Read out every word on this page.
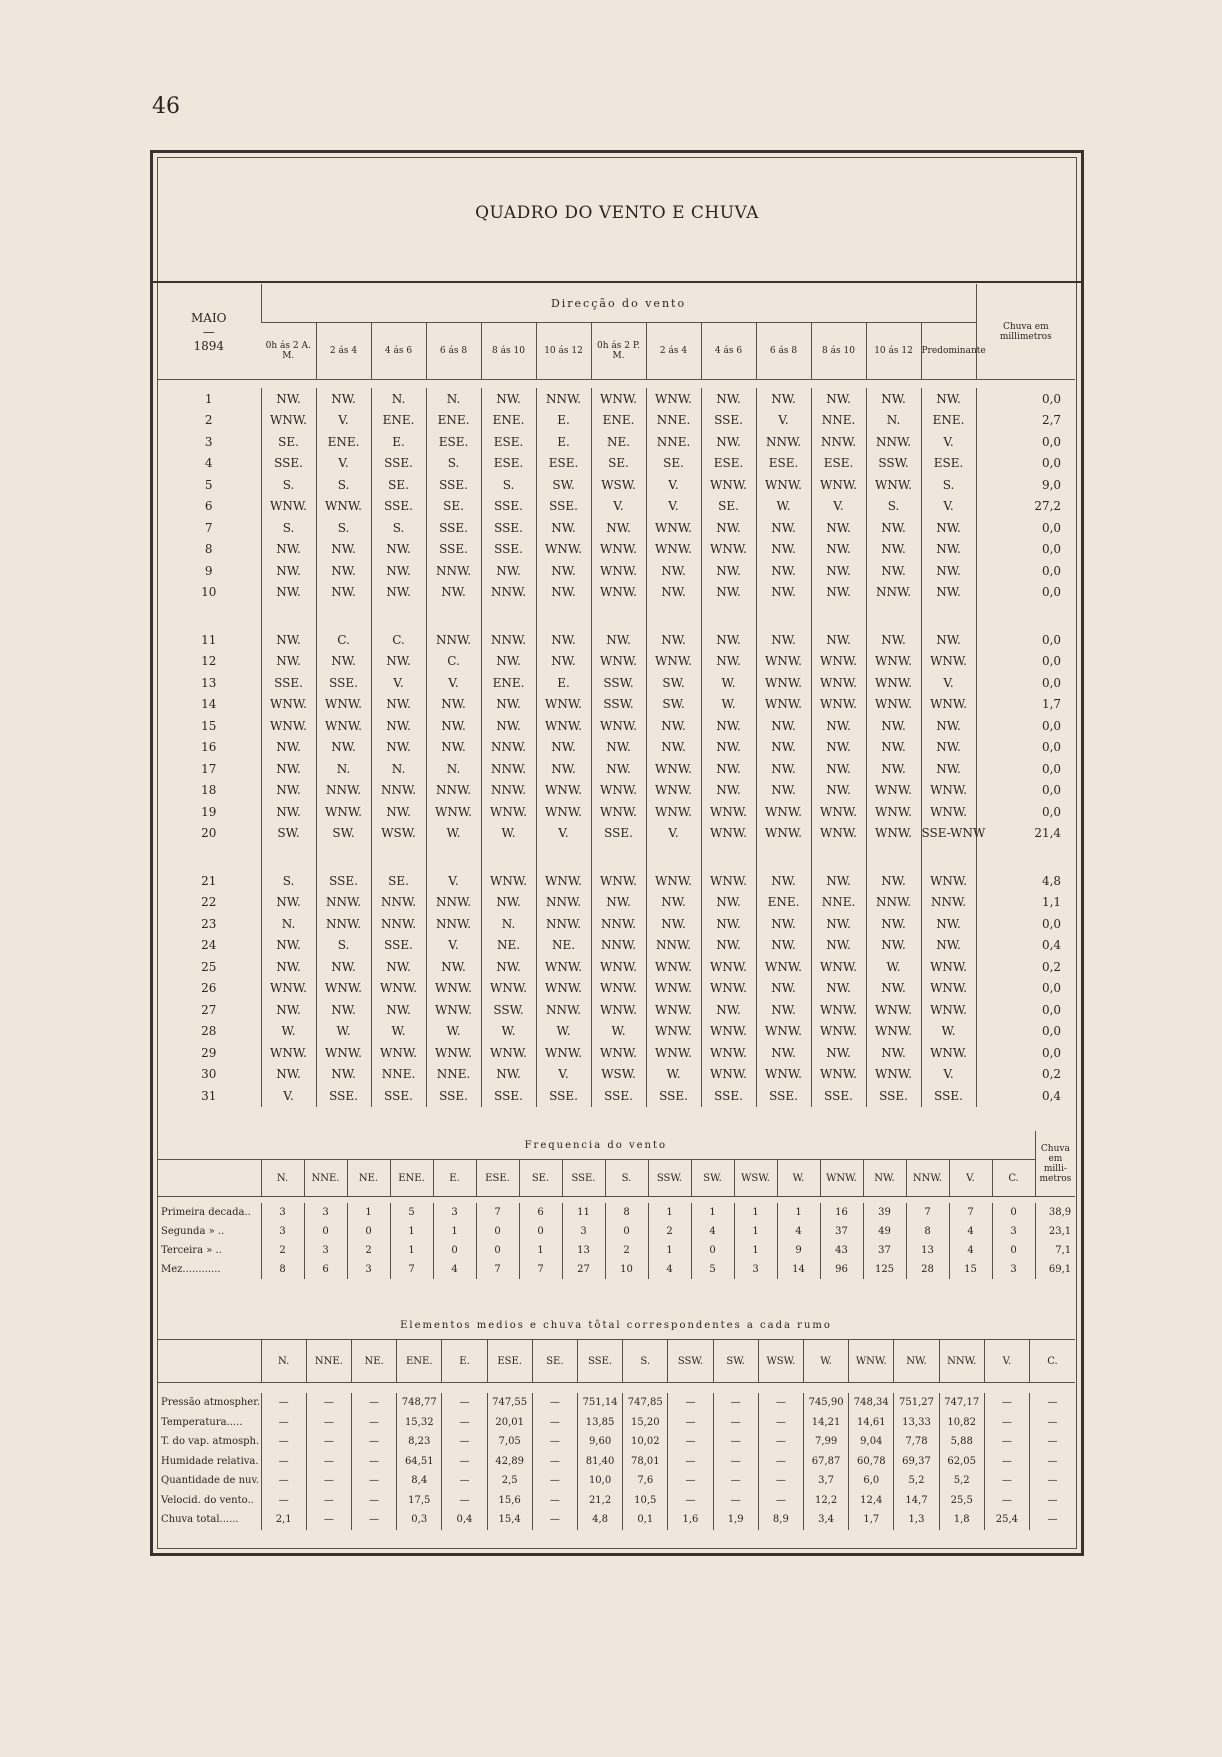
46
QUADRO DO VENTO E CHUVA
MAIO
—
1894	Direcção do vento													Chuva em millimetros
	0h ás 2 A. M.	2 ás 4	4 ás 6	6 ás 8	8 ás 10	10 ás 12	0h ás 2 P. M.	2 ás 4	4 ás 6	6 ás 8	8 ás 10	10 ás 12	Predominante	

1	NW.	NW.	N.	N.	NW.	NNW.	WNW.	WNW.	NW.	NW.	NW.	NW.	NW.	0,0
2	WNW.	V.	ENE.	ENE.	ENE.	E.	ENE.	NNE.	SSE.	V.	NNE.	N.	ENE.	2,7
3	SE.	ENE.	E.	ESE.	ESE.	E.	NE.	NNE.	NW.	NNW.	NNW.	NNW.	V.	0,0
4	SSE.	V.	SSE.	S.	ESE.	ESE.	SE.	SE.	ESE.	ESE.	ESE.	SSW.	ESE.	0,0
5	S.	S.	SE.	SSE.	S.	SW.	WSW.	V.	WNW.	WNW.	WNW.	WNW.	S.	9,0
6	WNW.	WNW.	SSE.	SE.	SSE.	SSE.	V.	V.	SE.	W.	V.	S.	V.	27,2
7	S.	S.	S.	SSE.	SSE.	NW.	NW.	WNW.	NW.	NW.	NW.	NW.	NW.	0,0
8	NW.	NW.	NW.	SSE.	SSE.	WNW.	WNW.	WNW.	WNW.	NW.	NW.	NW.	NW.	0,0
9	NW.	NW.	NW.	NNW.	NW.	NW.	WNW.	NW.	NW.	NW.	NW.	NW.	NW.	0,0
10	NW.	NW.	NW.	NW.	NNW.	NW.	WNW.	NW.	NW.	NW.	NW.	NNW.	NW.	0,0

11	NW.	C.	C.	NNW.	NNW.	NW.	NW.	NW.	NW.	NW.	NW.	NW.	NW.	0,0
12	NW.	NW.	NW.	C.	NW.	NW.	WNW.	WNW.	NW.	WNW.	WNW.	WNW.	WNW.	0,0
13	SSE.	SSE.	V.	V.	ENE.	E.	SSW.	SW.	W.	WNW.	WNW.	WNW.	V.	0,0
14	WNW.	WNW.	NW.	NW.	NW.	WNW.	SSW.	SW.	W.	WNW.	WNW.	WNW.	WNW.	1,7
15	WNW.	WNW.	NW.	NW.	NW.	WNW.	WNW.	NW.	NW.	NW.	NW.	NW.	NW.	0,0
16	NW.	NW.	NW.	NW.	NNW.	NW.	NW.	NW.	NW.	NW.	NW.	NW.	NW.	0,0
17	NW.	N.	N.	N.	NNW.	NW.	NW.	WNW.	NW.	NW.	NW.	NW.	NW.	0,0
18	NW.	NNW.	NNW.	NNW.	NNW.	WNW.	WNW.	WNW.	NW.	NW.	NW.	WNW.	WNW.	0,0
19	NW.	WNW.	NW.	WNW.	WNW.	WNW.	WNW.	WNW.	WNW.	WNW.	WNW.	WNW.	WNW.	0,0
20	SW.	SW.	WSW.	W.	W.	V.	SSE.	V.	WNW.	WNW.	WNW.	WNW.	SSE-WNW	21,4

21	S.	SSE.	SE.	V.	WNW.	WNW.	WNW.	WNW.	WNW.	NW.	NW.	NW.	WNW.	4,8
22	NW.	NNW.	NNW.	NNW.	NW.	NNW.	NW.	NW.	NW.	ENE.	NNE.	NNW.	NNW.	1,1
23	N.	NNW.	NNW.	NNW.	N.	NNW.	NNW.	NW.	NW.	NW.	NW.	NW.	NW.	0,0
24	NW.	S.	SSE.	V.	NE.	NE.	NNW.	NNW.	NW.	NW.	NW.	NW.	NW.	0,4
25	NW.	NW.	NW.	NW.	NW.	WNW.	WNW.	WNW.	WNW.	WNW.	WNW.	W.	WNW.	0,2
26	WNW.	WNW.	WNW.	WNW.	WNW.	WNW.	WNW.	WNW.	WNW.	NW.	NW.	NW.	WNW.	0,0
27	NW.	NW.	NW.	WNW.	SSW.	NNW.	WNW.	WNW.	NW.	NW.	WNW.	WNW.	WNW.	0,0
28	W.	W.	W.	W.	W.	W.	W.	WNW.	WNW.	WNW.	WNW.	WNW.	W.	0,0
29	WNW.	WNW.	WNW.	WNW.	WNW.	WNW.	WNW.	WNW.	WNW.	NW.	NW.	NW.	WNW.	0,0
30	NW.	NW.	NNE.	NNE.	NW.	V.	WSW.	W.	WNW.	WNW.	WNW.	WNW.	V.	0,2
31	V.	SSE.	SSE.	SSE.	SSE.	SSE.	SSE.	SSE.	SSE.	SSE.	SSE.	SSE.	SSE.	0,4
Frequencia do vento																			Chuva em milli- metros
	N.	NNE.	NE.	ENE.	E.	ESE.	SE.	SSE.	S.	SSW.	SW.	WSW.	W.	WNW.	NW.	NNW.	V.	C.	

Primeira decada..	3	3	1	5	3	7	6	11	8	1	1	1	1	16	39	7	7	0	38,9
Segunda » ..	3	0	0	1	1	0	0	3	0	2	4	1	4	37	49	8	4	3	23,1
Terceira » ..	2	3	2	1	0	0	1	13	2	1	0	1	9	43	37	13	4	0	7,1
Mez............	8	6	3	7	4	7	7	27	10	4	5	3	14	96	125	28	15	3	69,1
Elementos medios e chuva tôtal correspondentes a cada rumo																		
	N.	NNE.	NE.	ENE.	E.	ESE.	SE.	SSE.	S.	SSW.	SW.	WSW.	W.	WNW.	NW.	NNW.	V.	C.

Pressão atmospher.	—	—	—	748,77	—	747,55	—	751,14	747,85	—	—	—	745,90	748,34	751,27	747,17	—	—
Temperatura.....	—	—	—	15,32	—	20,01	—	13,85	15,20	—	—	—	14,21	14,61	13,33	10,82	—	—
T. do vap. atmosph.	—	—	—	8,23	—	7,05	—	9,60	10,02	—	—	—	7,99	9,04	7,78	5,88	—	—
Humidade relativa.	—	—	—	64,51	—	42,89	—	81,40	78,01	—	—	—	67,87	60,78	69,37	62,05	—	—
Quantidade de nuv.	—	—	—	8,4	—	2,5	—	10,0	7,6	—	—	—	3,7	6,0	5,2	5,2	—	—
Velocid. do vento..	—	—	—	17,5	—	15,6	—	21,2	10,5	—	—	—	12,2	12,4	14,7	25,5	—	—
Chuva total......	2,1	—	—	0,3	0,4	15,4	—	4,8	0,1	1,6	1,9	8,9	3,4	1,7	1,3	1,8	25,4	—
